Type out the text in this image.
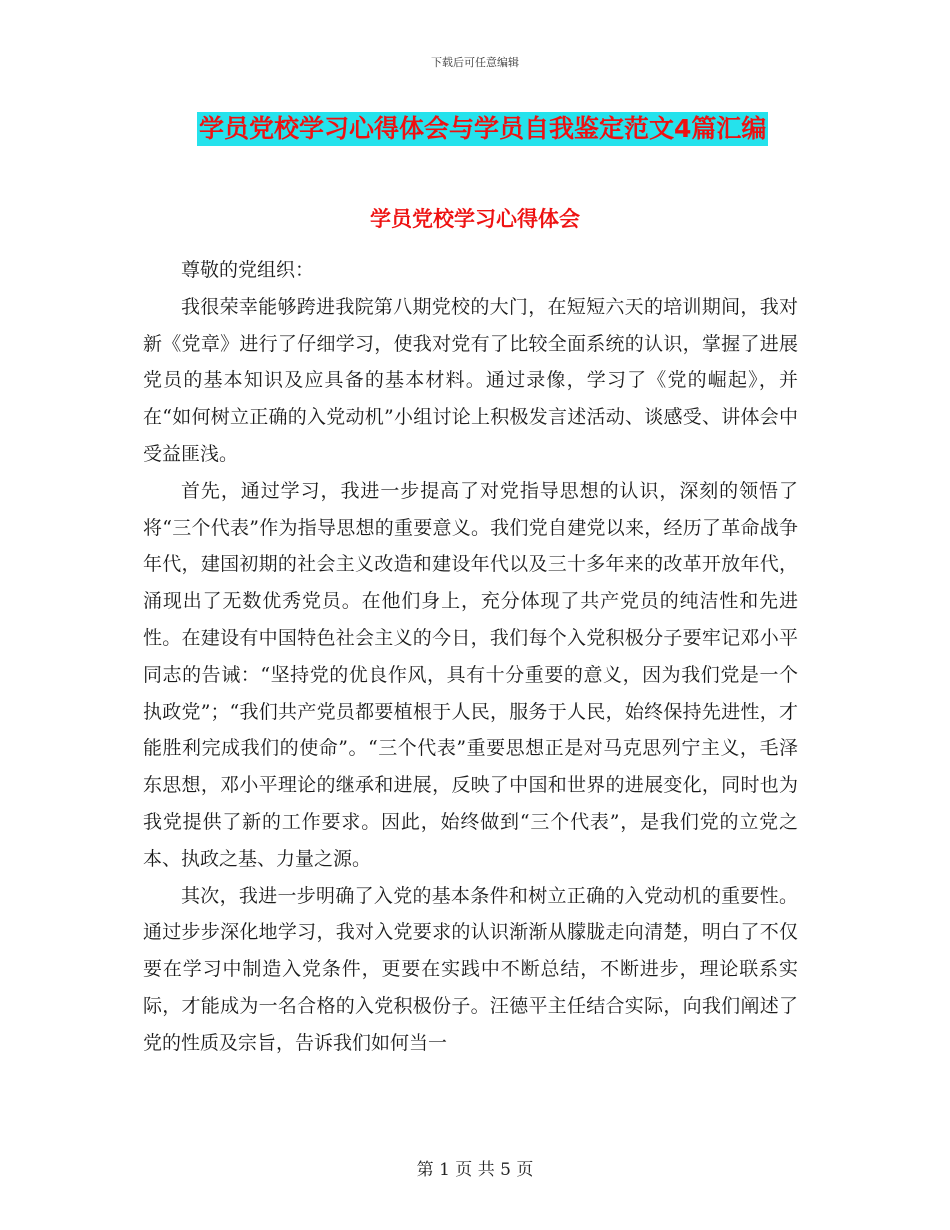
下载后可任意编辑
学员党校学习心得体会与学员自我鉴定范文4篇汇编
学员党校学习心得体会

尊敬的党组织：

我很荣幸能够跨进我院第八期党校的大门，在短短六天的培训期间，我对新《党章》进行了仔细学习，使我对党有了比较全面系统的认识，掌握了进展党员的基本知识及应具备的基本材料。通过录像，学习了《党的崛起》，并在“如何树立正确的入党动机”小组讨论上积极发言述活动、谈感受、讲体会中受益匪浅。

首先，通过学习，我进一步提高了对党指导思想的认识，深刻的领悟了将“三个代表”作为指导思想的重要意义。我们党自建党以来，经历了革命战争年代，建国初期的社会主义改造和建设年代以及三十多年来的改革开放年代，涌现出了无数优秀党员。在他们身上，充分体现了共产党员的纯洁性和先进性。在建设有中国特色社会主义的今日，我们每个入党积极分子要牢记邓小平同志的告诫：“坚持党的优良作风，具有十分重要的意义，因为我们党是一个执政党”；“我们共产党员都要植根于人民，服务于人民，始终保持先进性，才能胜利完成我们的使命”。“三个代表”重要思想正是对马克思列宁主义，毛泽东思想，邓小平理论的继承和进展，反映了中国和世界的进展变化，同时也为我党提供了新的工作要求。因此，始终做到“三个代表”，是我们党的立党之本、执政之基、力量之源。

其次，我进一步明确了入党的基本条件和树立正确的入党动机的重要性。通过步步深化地学习，我对入党要求的认识渐渐从朦胧走向清楚，明白了不仅要在学习中制造入党条件，更要在实践中不断总结，不断进步，理论联系实际，才能成为一名合格的入党积极份子。汪德平主任结合实际，向我们阐述了党的性质及宗旨，告诉我们如何当一

第 1 页 共 5 页
